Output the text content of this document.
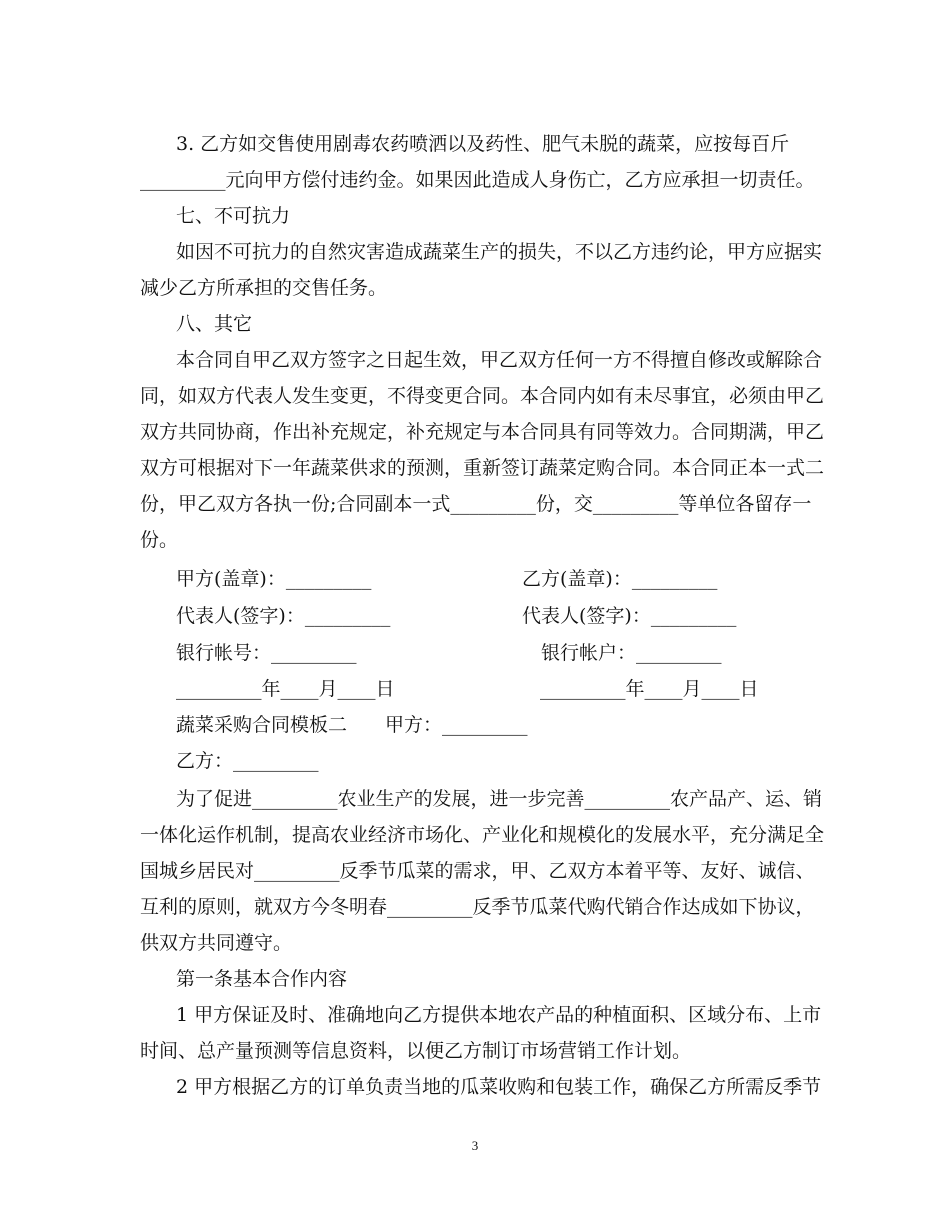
3. 乙方如交售使用剧毒农药喷洒以及药性、肥气未脱的蔬菜，应按每百斤
_________元向甲方偿付违约金。如果因此造成人身伤亡，乙方应承担一切责任。
七、不可抗力
如因不可抗力的自然灾害造成蔬菜生产的损失，不以乙方违约论，甲方应据实
减少乙方所承担的交售任务。
八、其它
本合同自甲乙双方签字之日起生效，甲乙双方任何一方不得擅自修改或解除合
同，如双方代表人发生变更，不得变更合同。本合同内如有未尽事宜，必须由甲乙
双方共同协商，作出补充规定，补充规定与本合同具有同等效力。合同期满，甲乙
双方可根据对下一年蔬菜供求的预测，重新签订蔬菜定购合同。本合同正本一式二
份，甲乙双方各执一份;合同副本一式_________份，交_________等单位各留存一
份。
甲方(盖章)：_________	乙方(盖章)：_________
代表人(签字)：_________	代表人(签字)：_________
银行帐号：_________	银行帐户：_________
_________年____月____日	_________年____月____日
蔬菜采购合同模板二　　甲方：_________
乙方：_________
为了促进_________农业生产的发展，进一步完善_________农产品产、运、销
一体化运作机制，提高农业经济市场化、产业化和规模化的发展水平，充分满足全
国城乡居民对_________反季节瓜菜的需求，甲、乙双方本着平等、友好、诚信、
互利的原则，就双方今冬明春_________反季节瓜菜代购代销合作达成如下协议，
供双方共同遵守。
第一条基本合作内容
1 甲方保证及时、准确地向乙方提供本地农产品的种植面积、区域分布、上市
时间、总产量预测等信息资料，以便乙方制订市场营销工作计划。
2 甲方根据乙方的订单负责当地的瓜菜收购和包装工作，确保乙方所需反季节
3
